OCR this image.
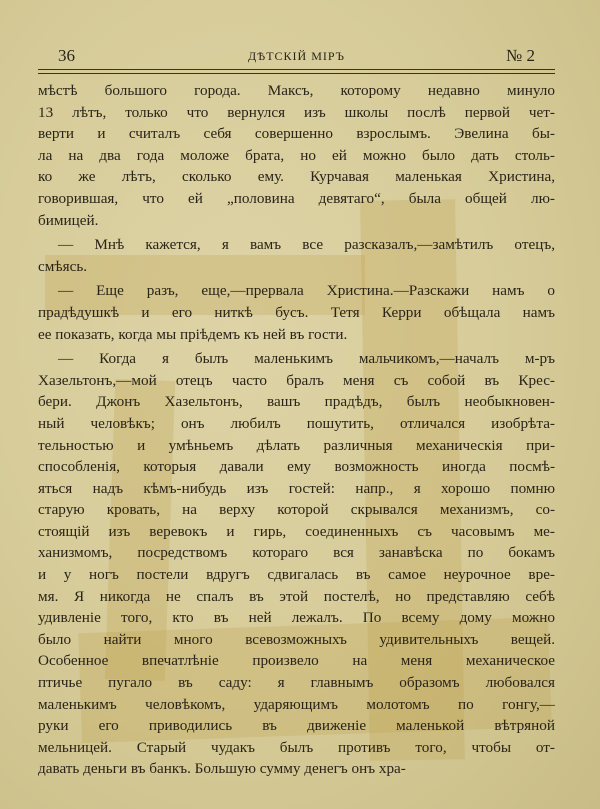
36	ДѢТСКІЙ МІРЪ	№ 2
мѣстѣ большого города. Максъ, которому недавно минуло
13 лѣтъ, только что вернулся изъ школы послѣ первой чет-
верти и считалъ себя совершенно взрослымъ. Эвелина бы-
ла на два года моложе брата, но ей можно было дать столь-
ко же лѣтъ, сколько ему. Курчавая маленькая Христина,
говорившая, что ей „половина девятаго“, была общей лю-
бимицей.
— Мнѣ кажется, я вамъ все разсказалъ,—замѣтилъ отецъ,
смѣясь.
— Еще разъ, еще,—прервала Христина.—Разскажи намъ о
прадѣдушкѣ и его ниткѣ бусъ. Тетя Керри обѣщала намъ
ее показать, когда мы пріѣдемъ къ ней въ гости.
— Когда я былъ маленькимъ мальчикомъ,—началъ м-ръ
Хазельтонъ,—мой отецъ часто бралъ меня съ собой въ Крес-
бери. Джонъ Хазельтонъ, вашъ прадѣдъ, былъ необыкновен-
ный человѣкъ; онъ любилъ пошутить, отличался изобрѣта-
тельностью и умѣньемъ дѣлать различныя механическія при-
способленія, которыя давали ему возможность иногда посмѣ-
яться надъ кѣмъ-нибудь изъ гостей: напр., я хорошо помню
старую кровать, на верху которой скрывался механизмъ, со-
стоящій изъ веревокъ и гирь, соединенныхъ съ часовымъ ме-
ханизмомъ, посредствомъ котораго вся занавѣска по бокамъ
и у ногъ постели вдругъ сдвигалась въ самое неурочное вре-
мя. Я никогда не спалъ въ этой постелѣ, но представляю себѣ
удивленіе того, кто въ ней лежалъ. По всему дому можно
было найти много всевозможныхъ удивительныхъ вещей.
Особенное впечатлѣніе произвело на меня механическое
птичье пугало въ саду: я главнымъ образомъ любовался
маленькимъ человѣкомъ, ударяющимъ молотомъ по гонгу,—
руки его приводились въ движеніе маленькой вѣтряной
мельницей. Старый чудакъ былъ противъ того, чтобы от-
давать деньги въ банкъ. Большую сумму денегъ онъ хра-
